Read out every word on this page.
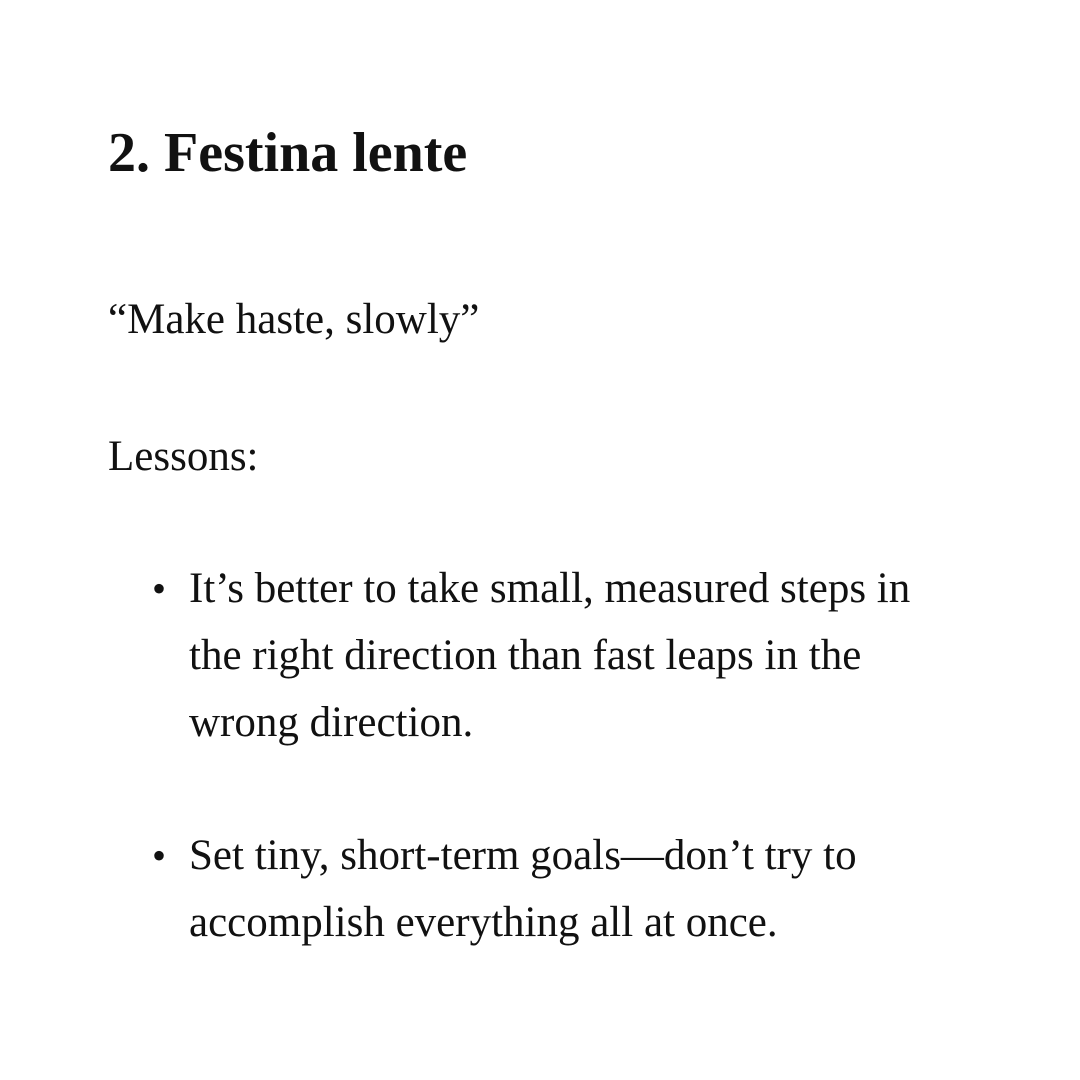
2. Festina lente

“Make haste, slowly”

Lessons:

• It’s better to take small, measured steps in the right direction than fast leaps in the wrong direction.
• Set tiny, short-term goals—don’t try to accomplish everything all at once.
